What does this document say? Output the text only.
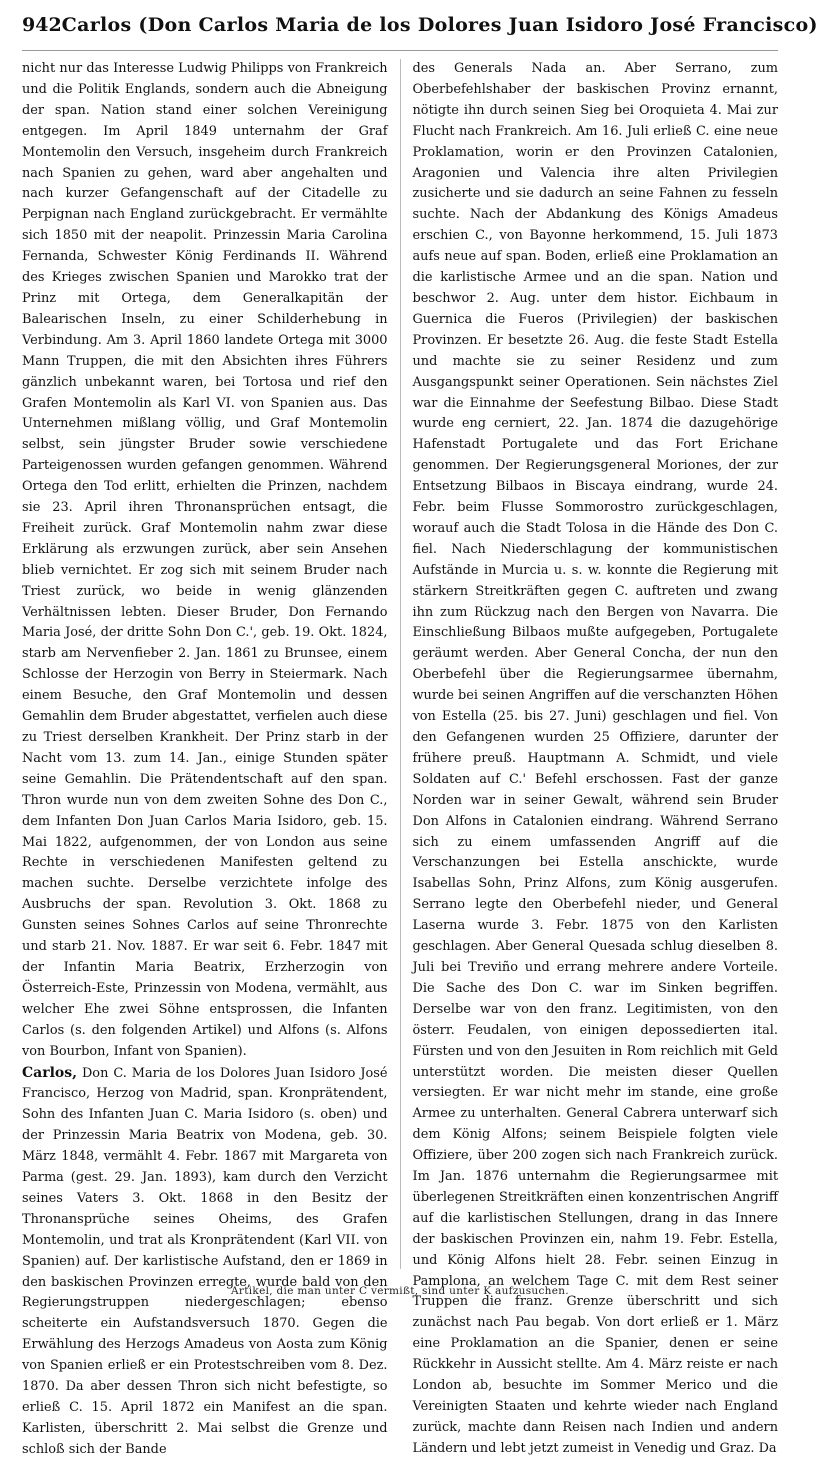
942 Carlos (Don Carlos Maria de los Dolores Juan Isidoro José Francisco)

nicht nur das Interesse Ludwig Philipps von Frankreich und die Politik Englands, sondern auch die Abneigung der span. Nation stand einer solchen Vereinigung entgegen. Im April 1849 unternahm der Graf Montemolin den Versuch, insgeheim durch Frankreich nach Spanien zu gehen, ward aber angehalten und nach kurzer Gefangenschaft auf der Citadelle zu Perpignan nach England zurückgebracht. Er vermählte sich 1850 mit der neapolit. Prinzessin Maria Carolina Fernanda, Schwester König Ferdinands II. Während des Krieges zwischen Spanien und Marokko trat der Prinz mit Ortega, dem Generalkapitän der Balearischen Inseln, zu einer Schilderhebung in Verbindung. Am 3. April 1860 landete Ortega mit 3000 Mann Truppen, die mit den Absichten ihres Führers gänzlich unbekannt waren, bei Tortosa und rief den Grafen Montemolin als Karl VI. von Spanien aus. Das Unternehmen mißlang völlig, und Graf Montemolin selbst, sein jüngster Bruder sowie verschiedene Parteigenossen wurden gefangen genommen. Während Ortega den Tod erlitt, erhielten die Prinzen, nachdem sie 23. April ihren Thronansprüchen entsagt, die Freiheit zurück. Graf Montemolin nahm zwar diese Erklärung als erzwungen zurück, aber sein Ansehen blieb vernichtet. Er zog sich mit seinem Bruder nach Triest zurück, wo beide in wenig glänzenden Verhältnissen lebten. Dieser Bruder, Don Fernando Maria José, der dritte Sohn Don C.', geb. 19. Okt. 1824, starb am Nervenfieber 2. Jan. 1861 zu Brunsee, einem Schlosse der Herzogin von Berry in Steiermark. Nach einem Besuche, den Graf Montemolin und dessen Gemahlin dem Bruder abgestattet, verfielen auch diese zu Triest derselben Krankheit. Der Prinz starb in der Nacht vom 13. zum 14. Jan., einige Stunden später seine Gemahlin. Die Prätendentschaft auf den span. Thron wurde nun von dem zweiten Sohne des Don C., dem Infanten Don Juan Carlos Maria Isidoro, geb. 15. Mai 1822, aufgenommen, der von London aus seine Rechte in verschiedenen Manifesten geltend zu machen suchte. Derselbe verzichtete infolge des Ausbruchs der span. Revolution 3. Okt. 1868 zu Gunsten seines Sohnes Carlos auf seine Thronrechte und starb 21. Nov. 1887. Er war seit 6. Febr. 1847 mit der Infantin Maria Beatrix, Erzherzogin von Österreich-Este, Prinzessin von Modena, vermählt, aus welcher Ehe zwei Söhne entsprossen, die Infanten Carlos (s. den folgenden Artikel) und Alfons (s. Alfons von Bourbon, Infant von Spanien).

Carlos, Don C. Maria de los Dolores Juan Isidoro José Francisco, Herzog von Madrid, span. Kronprätendent, Sohn des Infanten Juan C. Maria Isidoro (s. oben) und der Prinzessin Maria Beatrix von Modena, geb. 30. März 1848, vermählt 4. Febr. 1867 mit Margareta von Parma (gest. 29. Jan. 1893), kam durch den Verzicht seines Vaters 3. Okt. 1868 in den Besitz der Thronansprüche seines Oheims, des Grafen Montemolin, und trat als Kronprätendent (Karl VII. von Spanien) auf. Der karlistische Aufstand, den er 1869 in den baskischen Provinzen erregte, wurde bald von den Regierungstruppen niedergeschlagen; ebenso scheiterte ein Aufstandsversuch 1870. Gegen die Erwählung des Herzogs Amadeus von Aosta zum König von Spanien erließ er ein Protestschreiben vom 8. Dez. 1870. Da aber dessen Thron sich nicht befestigte, so erließ C. 15. April 1872 ein Manifest an die span. Karlisten, überschritt 2. Mai selbst die Grenze und schloß sich der Bande

des Generals Nada an. Aber Serrano, zum Oberbefehlshaber der baskischen Provinz ernannt, nötigte ihn durch seinen Sieg bei Oroquieta 4. Mai zur Flucht nach Frankreich. Am 16. Juli erließ C. eine neue Proklamation, worin er den Provinzen Catalonien, Aragonien und Valencia ihre alten Privilegien zusicherte und sie dadurch an seine Fahnen zu fesseln suchte. Nach der Abdankung des Königs Amadeus erschien C., von Bayonne herkommend, 15. Juli 1873 aufs neue auf span. Boden, erließ eine Proklamation an die karlistische Armee und an die span. Nation und beschwor 2. Aug. unter dem histor. Eichbaum in Guernica die Fueros (Privilegien) der baskischen Provinzen. Er besetzte 26. Aug. die feste Stadt Estella und machte sie zu seiner Residenz und zum Ausgangspunkt seiner Operationen. Sein nächstes Ziel war die Einnahme der Seefestung Bilbao. Diese Stadt wurde eng cerniert, 22. Jan. 1874 die dazugehörige Hafenstadt Portugalete und das Fort Erichane genommen. Der Regierungsgeneral Moriones, der zur Entsetzung Bilbaos in Biscaya eindrang, wurde 24. Febr. beim Flusse Sommorostro zurückgeschlagen, worauf auch die Stadt Tolosa in die Hände des Don C. fiel. Nach Niederschlagung der kommunistischen Aufstände in Murcia u. s. w. konnte die Regierung mit stärkern Streitkräften gegen C. auftreten und zwang ihn zum Rückzug nach den Bergen von Navarra. Die Einschließung Bilbaos mußte aufgegeben, Portugalete geräumt werden. Aber General Concha, der nun den Oberbefehl über die Regierungsarmee übernahm, wurde bei seinen Angriffen auf die verschanzten Höhen von Estella (25. bis 27. Juni) geschlagen und fiel. Von den Gefangenen wurden 25 Offiziere, darunter der frühere preuß. Hauptmann A. Schmidt, und viele Soldaten auf C.' Befehl erschossen. Fast der ganze Norden war in seiner Gewalt, während sein Bruder Don Alfons in Catalonien eindrang. Während Serrano sich zu einem umfassenden Angriff auf die Verschanzungen bei Estella anschickte, wurde Isabellas Sohn, Prinz Alfons, zum König ausgerufen. Serrano legte den Oberbefehl nieder, und General Laserna wurde 3. Febr. 1875 von den Karlisten geschlagen. Aber General Quesada schlug dieselben 8. Juli bei Treviño und errang mehrere andere Vorteile. Die Sache des Don C. war im Sinken begriffen. Derselbe war von den franz. Legitimisten, von den österr. Feudalen, von einigen depossedierten ital. Fürsten und von den Jesuiten in Rom reichlich mit Geld unterstützt worden. Die meisten dieser Quellen versiegten. Er war nicht mehr im stande, eine große Armee zu unterhalten. General Cabrera unterwarf sich dem König Alfons; seinem Beispiele folgten viele Offiziere, über 200 zogen sich nach Frankreich zurück. Im Jan. 1876 unternahm die Regierungsarmee mit überlegenen Streitkräften einen konzentrischen Angriff auf die karlistischen Stellungen, drang in das Innere der baskischen Provinzen ein, nahm 19. Febr. Estella, und König Alfons hielt 28. Febr. seinen Einzug in Pamplona, an welchem Tage C. mit dem Rest seiner Truppen die franz. Grenze überschritt und sich zunächst nach Pau begab. Von dort erließ er 1. März eine Proklamation an die Spanier, denen er seine Rückkehr in Aussicht stellte. Am 4. März reiste er nach London ab, besuchte im Sommer Merico und die Vereinigten Staaten und kehrte wieder nach England zurück, machte dann Reisen nach Indien und andern Ländern und lebt jetzt zumeist in Venedig und Graz. Da

Artikel, die man unter C vermißt, sind unter K aufzusuchen.
